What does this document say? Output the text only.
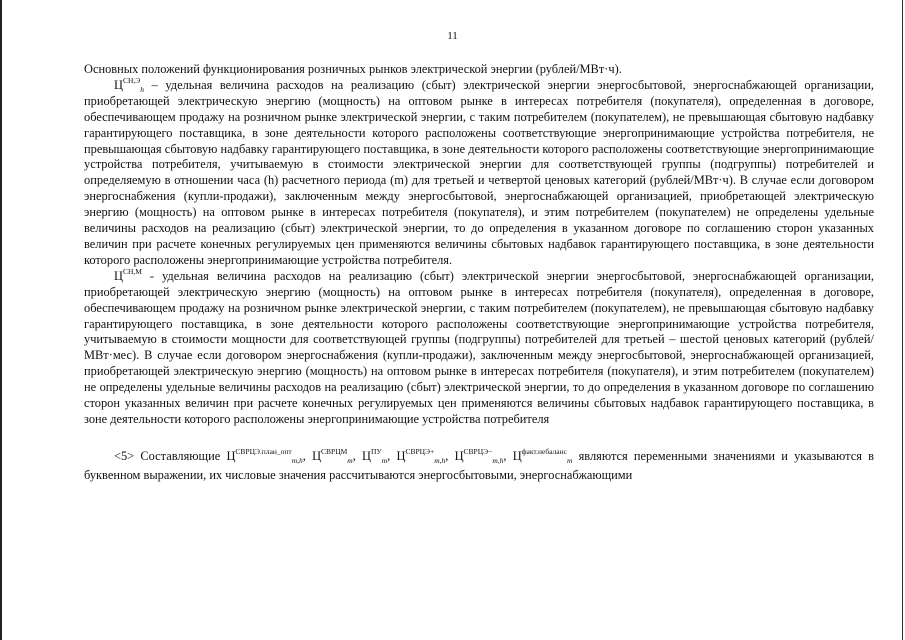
11

Основных положений функционирования розничных рынков электрической энергии (рублей/МВт·ч).

$Ц^{СН,Э}_h$ – удельная величина расходов на реализацию (сбыт) электрической энергии энергосбытовой, энергоснабжающей организации, приобретающей электрическую энергию (мощность) на оптовом рынке в интересах потребителя (покупателя), определенная в договоре, обеспечивающем продажу на розничном рынке электрической энергии, с таким потребителем (покупателем), не превышающая сбытовую надбавку гарантирующего поставщика, в зоне деятельности которого расположены соответствующие энергопринимающие устройства потребителя, не превышающая сбытовую надбавку гарантирующего поставщика, в зоне деятельности которого расположены соответствующие энергопринимающие устройства потребителя, учитываемую в стоимости электрической энергии для соответствующей группы (подгруппы) потребителей и определяемую в отношении часа (h) расчетного периода (m) для третьей и четвертой ценовых категорий (рублей/МВт·ч). В случае если договором энергоснабжения (купли-продажи), заключенным между энергосбытовой, энергоснабжающей организацией, приобретающей электрическую энергию (мощность) на оптовом рынке в интересах потребителя (покупателя), и этим потребителем (покупателем) не определены удельные величины расходов на реализацию (сбыт) электрической энергии, то до определения в указанном договоре по соглашению сторон указанных величин при расчете конечных регулируемых цен применяются величины сбытовых надбавок гарантирующего поставщика, в зоне деятельности которого расположены энергопринимающие устройства потребителя.

$Ц^{СН,М}$ - удельная величина расходов на реализацию (сбыт) электрической энергии энергосбытовой, энергоснабжающей организации, приобретающей электрическую энергию (мощность) на оптовом рынке в интересах потребителя (покупателя), определенная в договоре, обеспечивающем продажу на розничном рынке электрической энергии, с таким потребителем (покупателем), не превышающая сбытовую надбавку гарантирующего поставщика, в зоне деятельности которого расположены соответствующие энергопринимающие устройства потребителя, учитываемую в стоимости мощности для соответствующей группы (подгруппы) потребителей для третьей – шестой ценовых категорий (рублей/МВт·мес). В случае если договором энергоснабжения (купли-продажи), заключенным между энергосбытовой, энергоснабжающей организацией, приобретающей электрическую энергию (мощность) на оптовом рынке в интересах потребителя (покупателя), и этим потребителем (покупателем) не определены удельные величины расходов на реализацию (сбыт) электрической энергии, то до определения в указанном договоре по соглашению сторон указанных величин при расчете конечных регулируемых цен применяются величины сбытовых надбавок гарантирующего поставщика, в зоне деятельности которого расположены энергопринимающие устройства потребителя

<5> Составляющие $Ц^{СВРЦЭ.план\_опт}_{m,h}$, $Ц^{СВРЦМ}_m$, $Ц^{ПУ}_m$, $Ц^{СВРЦЭ+}_{m,h}$, $Ц^{СВРЦЭ-}_{m,h}$, $Ц^{факт.небаланс}_m$ являются переменными значениями и указываются в буквенном выражении, их числовые значения рассчитываются энергосбытовыми, энергоснабжающими
